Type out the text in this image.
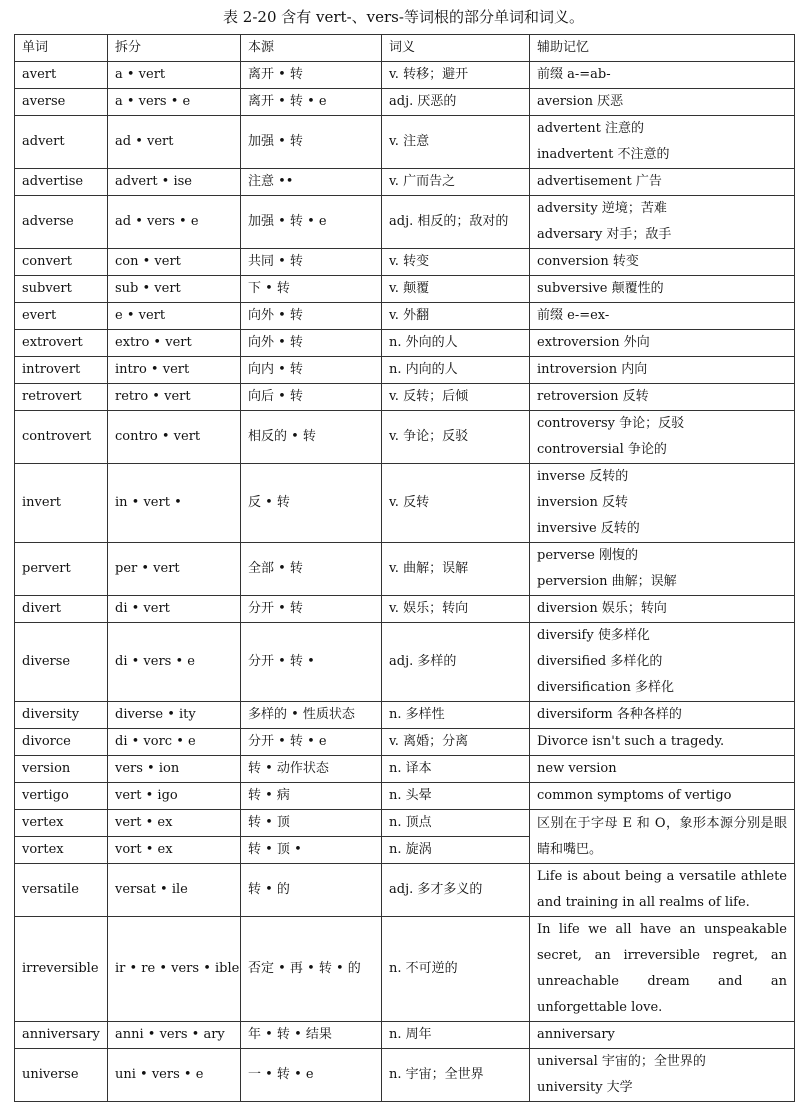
表 2-20 含有 vert-、vers-等词根的部分单词和词义。
单词	拆分	本源	词义	辅助记忆
avert	a • vert	离开 • 转	v. 转移；避开	前缀 a-=ab-

averse	a • vers • e	离开 • 转 • e	adj. 厌恶的	aversion 厌恶

advert	ad • vert	加强 • 转	v. 注意	advertent 注意的
inadvertent 不注意的

advertise	advert • ise	注意 ••	v. 广而告之	advertisement 广告

adverse	ad • vers • e	加强 • 转 • e	adj. 相反的；敌对的	adversity 逆境；苦难
adversary 对手；敌手

convert	con • vert	共同 • 转	v. 转变	conversion 转变

subvert	sub • vert	下 • 转	v. 颠覆	subversive 颠覆性的

evert	e • vert	向外 • 转	v. 外翻	前缀 e-=ex-

extrovert	extro • vert	向外 • 转	n. 外向的人	extroversion 外向

introvert	intro • vert	向内 • 转	n. 内向的人	introversion 内向

retrovert	retro • vert	向后 • 转	v. 反转；后倾	retroversion 反转

controvert	contro • vert	相反的 • 转	v. 争论；反驳	controversy 争论；反驳
controversial 争论的

invert	in • vert •	反 • 转	v. 反转	inverse 反转的
inversion 反转
inversive 反转的

pervert	per • vert	全部 • 转	v. 曲解；误解	perverse 刚愎的
perversion 曲解；误解

divert	di • vert	分开 • 转	v. 娱乐；转向	diversion 娱乐；转向

diverse	di • vers • e	分开 • 转 •	adj. 多样的	diversify 使多样化
diversified 多样化的
diversification 多样化

diversity	diverse • ity	多样的 • 性质状态	n. 多样性	diversiform 各种各样的

divorce	di • vorc • e	分开 • 转 • e	v. 离婚；分离	Divorce isn't such a tragedy.

version	vers • ion	转 • 动作状态	n. 译本	new version

vertigo	vert • igo	转 • 病	n. 头晕	common symptoms of vertigo

vertex	vert • ex	转 • 顶	n. 顶点	区别在于字母 E 和 O，象形本源分别是眼睛和嘴巴。
vortex	vort • ex	转 • 顶 •	n. 旋涡	
versatile	versat • ile	转 • 的	adj. 多才多义的	Life is about being a versatile athlete and training in all realms of life.
irreversible	ir • re • vers • ible	否定 • 再 • 转 • 的	n. 不可逆的	In life we all have an unspeakable secret, an irreversible regret, an unreachable dream and an unforgettable love.
anniversary	anni • vers • ary	年 • 转 • 结果	n. 周年	anniversary

universe	uni • vers • e	一 • 转 • e	n. 宇宙；全世界	universal 宇宙的；全世界的
university 大学
